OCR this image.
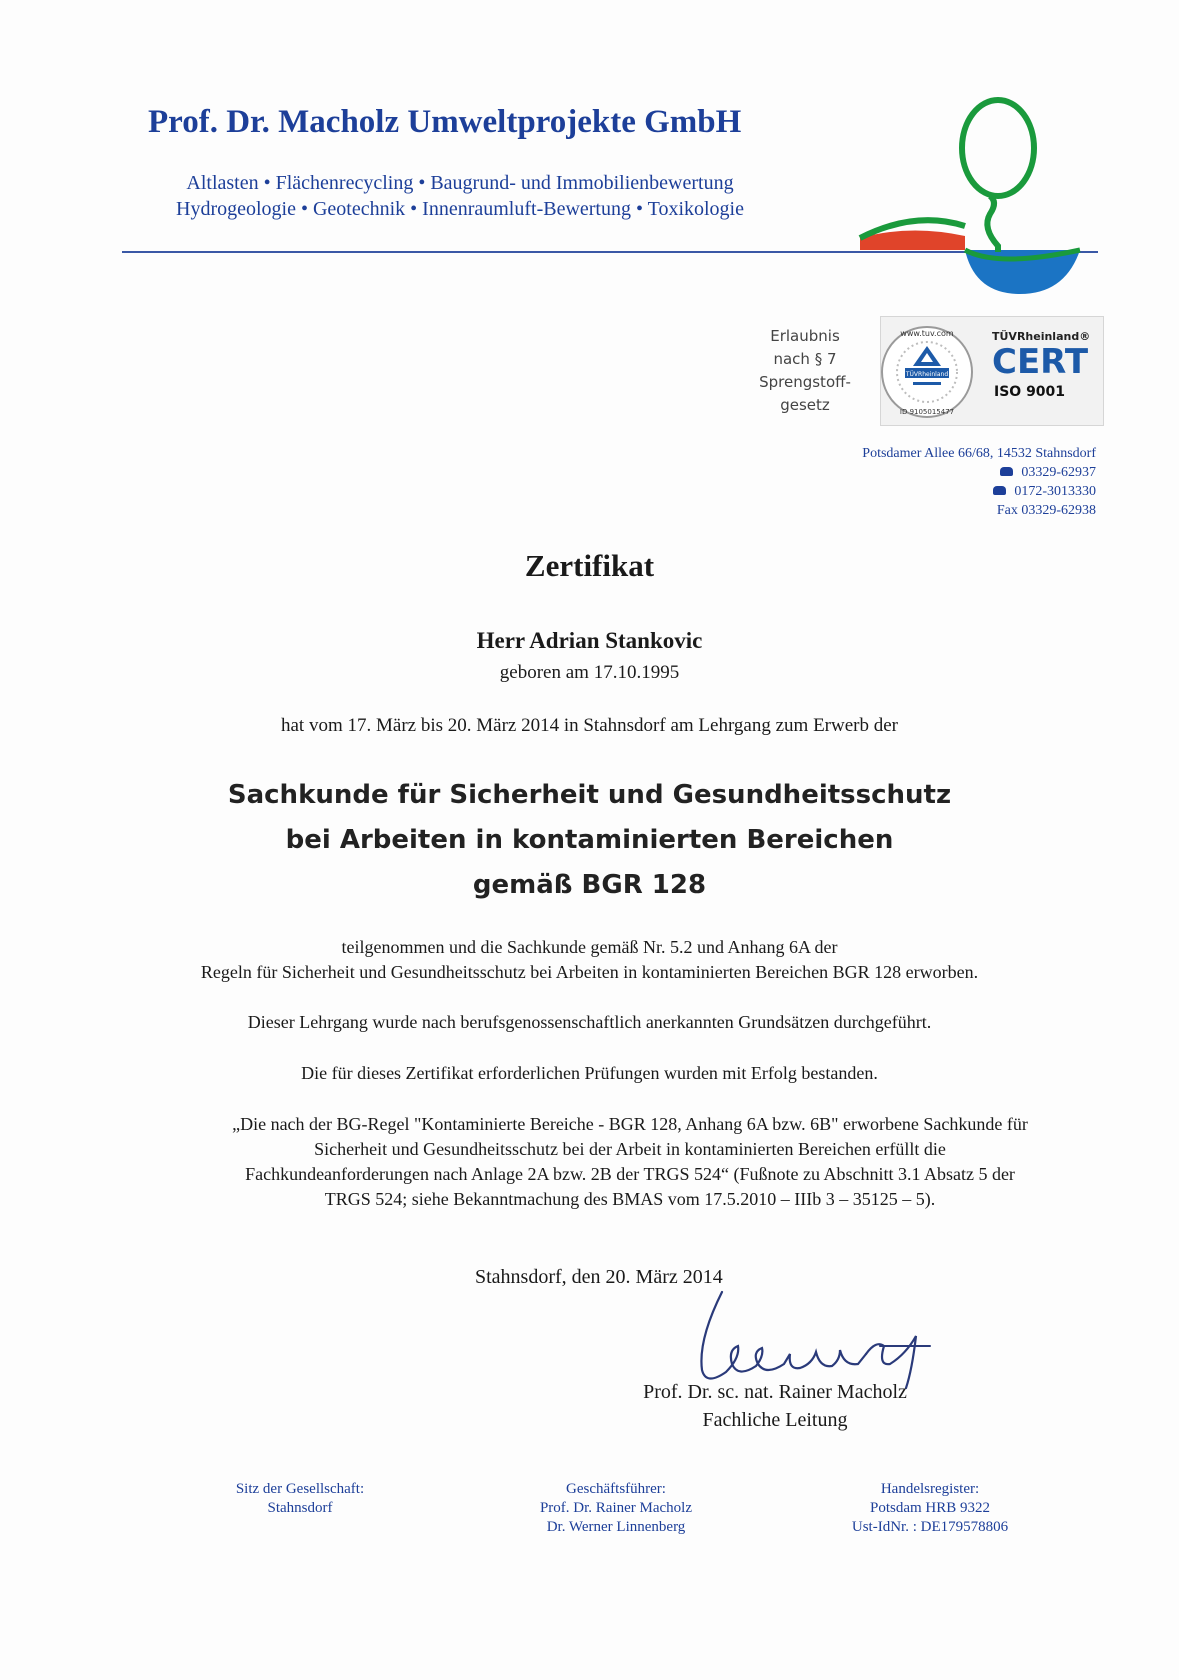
Prof. Dr. Macholz Umweltprojekte GmbH
Altlasten • Flächenrecycling • Baugrund- und Immobilienbewertung
Hydrogeologie • Geotechnik • Innenraumluft-Bewertung • Toxikologie
Erlaubnis
nach § 7
Sprengstoff-
gesetz
www.tuv.com
ID 9105015477
TÜVRheinland
TÜVRheinland®
CERT
ISO 9001
Potsdamer Allee 66/68, 14532 Stahnsdorf
03329-62937
0172-3013330
Fax 03329-62938
Zertifikat
Herr Adrian Stankovic
geboren am 17.10.1995
hat vom 17. März bis 20. März 2014 in Stahnsdorf am Lehrgang zum Erwerb der
Sachkunde für Sicherheit und Gesundheitsschutz
bei Arbeiten in kontaminierten Bereichen
gemäß BGR 128
teilgenommen und die Sachkunde gemäß Nr. 5.2 und Anhang 6A der
Regeln für Sicherheit und Gesundheitsschutz bei Arbeiten in kontaminierten Bereichen BGR 128 erworben.
Dieser Lehrgang wurde nach berufsgenossenschaftlich anerkannten Grundsätzen durchgeführt.
Die für dieses Zertifikat erforderlichen Prüfungen wurden mit Erfolg bestanden.
„Die nach der BG-Regel "Kontaminierte Bereiche - BGR 128, Anhang 6A bzw. 6B" erworbene Sachkunde für
Sicherheit und Gesundheitsschutz bei der Arbeit in kontaminierten Bereichen erfüllt die
Fachkundeanforderungen nach Anlage 2A bzw. 2B der TRGS 524“ (Fußnote zu Abschnitt 3.1 Absatz 5 der
TRGS 524; siehe Bekanntmachung des BMAS vom 17.5.2010 – IIIb 3 – 35125 – 5).
Stahnsdorf, den 20. März 2014
Prof. Dr. sc. nat. Rainer Macholz
Fachliche Leitung
Sitz der Gesellschaft:
Stahnsdorf
Geschäftsführer:
Prof. Dr. Rainer Macholz
Dr. Werner Linnenberg
Handelsregister:
Potsdam HRB 9322
Ust-IdNr. : DE179578806
